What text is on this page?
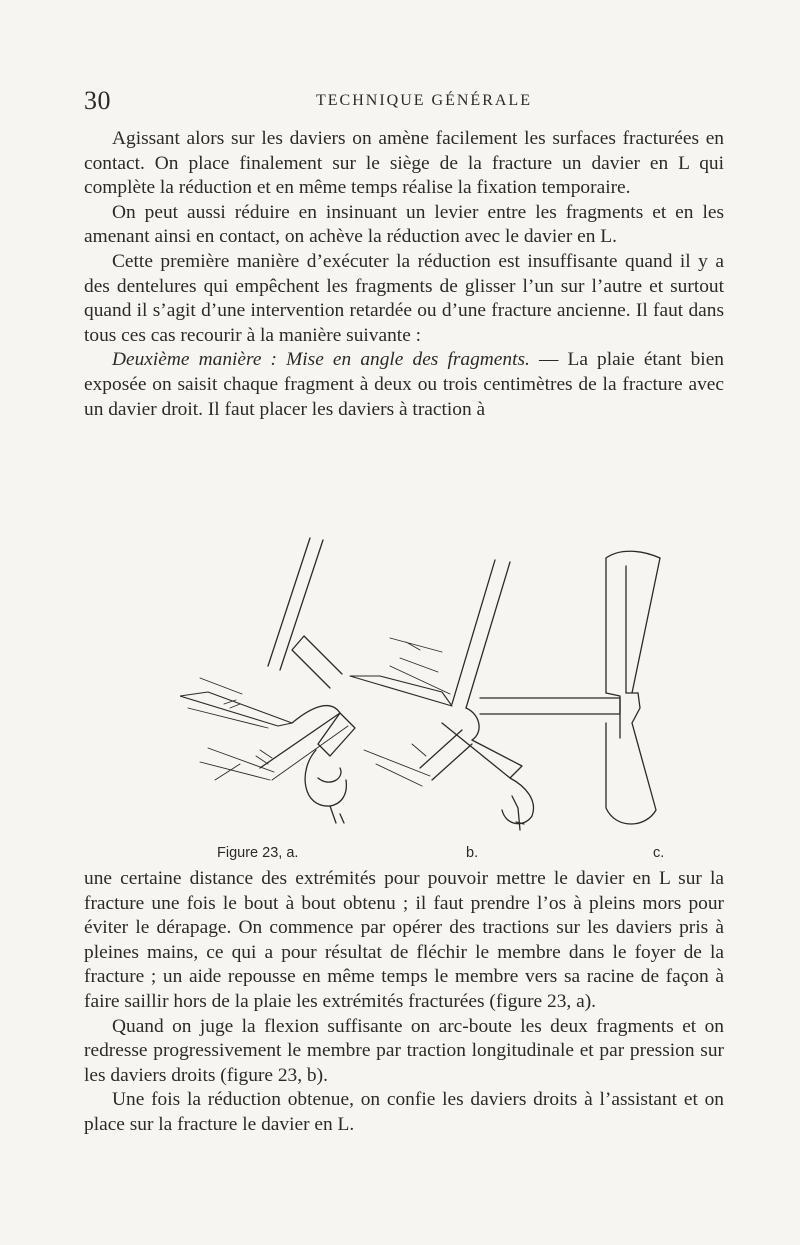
30	TECHNIQUE GÉNÉRALE

Agissant alors sur les daviers on amène facilement les surfaces fracturées en contact. On place finalement sur le siège de la fracture un davier en L qui complète la réduction et en même temps réalise la fixation temporaire.

On peut aussi réduire en insinuant un levier entre les fragments et en les amenant ainsi en contact, on achève la réduction avec le davier en L.

Cette première manière d’exécuter la réduction est insuffisante quand il y a des dentelures qui empêchent les fragments de glisser l’un sur l’autre et surtout quand il s’agit d’une intervention retardée ou d’une fracture ancienne. Il faut dans tous ces cas recourir à la manière suivante :

Deuxième manière : Mise en angle des fragments. — La plaie étant bien exposée on saisit chaque fragment à deux ou trois centimètres de la fracture avec un davier droit. Il faut placer les daviers à traction à

Figure 23, a.	b.	c.

une certaine distance des extrémités pour pouvoir mettre le davier en L sur la fracture une fois le bout à bout obtenu ; il faut prendre l’os à pleins mors pour éviter le dérapage. On commence par opérer des tractions sur les daviers pris à pleines mains, ce qui a pour résultat de fléchir le membre dans le foyer de la fracture ; un aide repousse en même temps le membre vers sa racine de façon à faire saillir hors de la plaie les extrémités fracturées (figure 23, a).

Quand on juge la flexion suffisante on arc-boute les deux fragments et on redresse progressivement le membre par traction longitudinale et par pression sur les daviers droits (figure 23, b).

Une fois la réduction obtenue, on confie les daviers droits à l’assistant et on place sur la fracture le davier en L.
